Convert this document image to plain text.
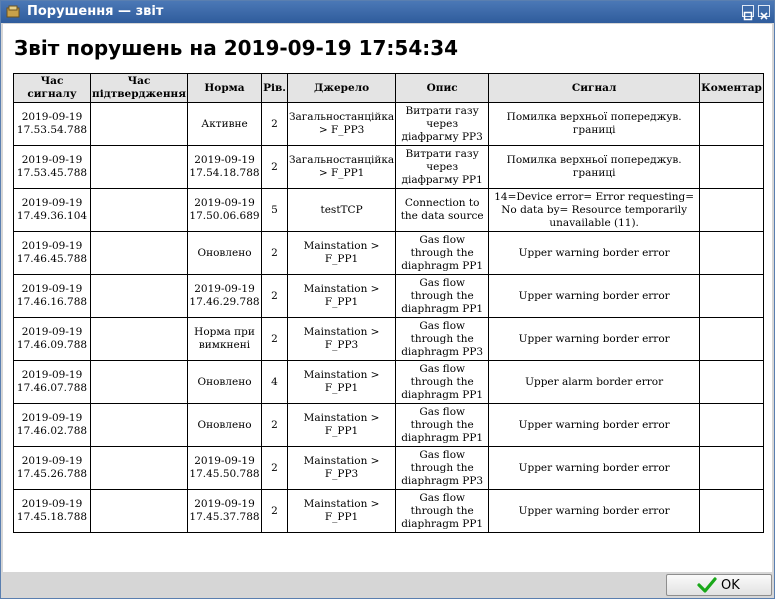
Порушення — звіт
Звіт порушень на 2019-09-19 17:54:34
Час сигналу	Час підтвердження	Норма	Рів.	Джерело	Опис	Сигнал	Коментар
2019-09-19 17.53.54.788		Активне	2	Загальностанційка > F_PP3	Витрати газу через діафрагму PP3	Помилка верхньої попереджув. границі	
2019-09-19 17.53.45.788		2019-09-19 17.54.18.788	2	Загальностанційка > F_PP1	Витрати газу через діафрагму PP1	Помилка верхньої попереджув. границі	
2019-09-19 17.49.36.104		2019-09-19 17.50.06.689	5	testTCP	Connection to the data source	14=Device error= Error requesting= No data by= Resource temporarily unavailable (11).	
2019-09-19 17.46.45.788		Оновлено	2	Mainstation > F_PP1	Gas flow through the diaphragm PP1	Upper warning border error	
2019-09-19 17.46.16.788		2019-09-19 17.46.29.788	2	Mainstation > F_PP1	Gas flow through the diaphragm PP1	Upper warning border error	
2019-09-19 17.46.09.788		Норма при вимкнені	2	Mainstation > F_PP3	Gas flow through the diaphragm PP3	Upper warning border error	
2019-09-19 17.46.07.788		Оновлено	4	Mainstation > F_PP1	Gas flow through the diaphragm PP1	Upper alarm border error	
2019-09-19 17.46.02.788		Оновлено	2	Mainstation > F_PP1	Gas flow through the diaphragm PP1	Upper warning border error	
2019-09-19 17.45.26.788		2019-09-19 17.45.50.788	2	Mainstation > F_PP3	Gas flow through the diaphragm PP3	Upper warning border error	
2019-09-19 17.45.18.788		2019-09-19 17.45.37.788	2	Mainstation > F_PP1	Gas flow through the diaphragm PP1	Upper warning border error	
OK
